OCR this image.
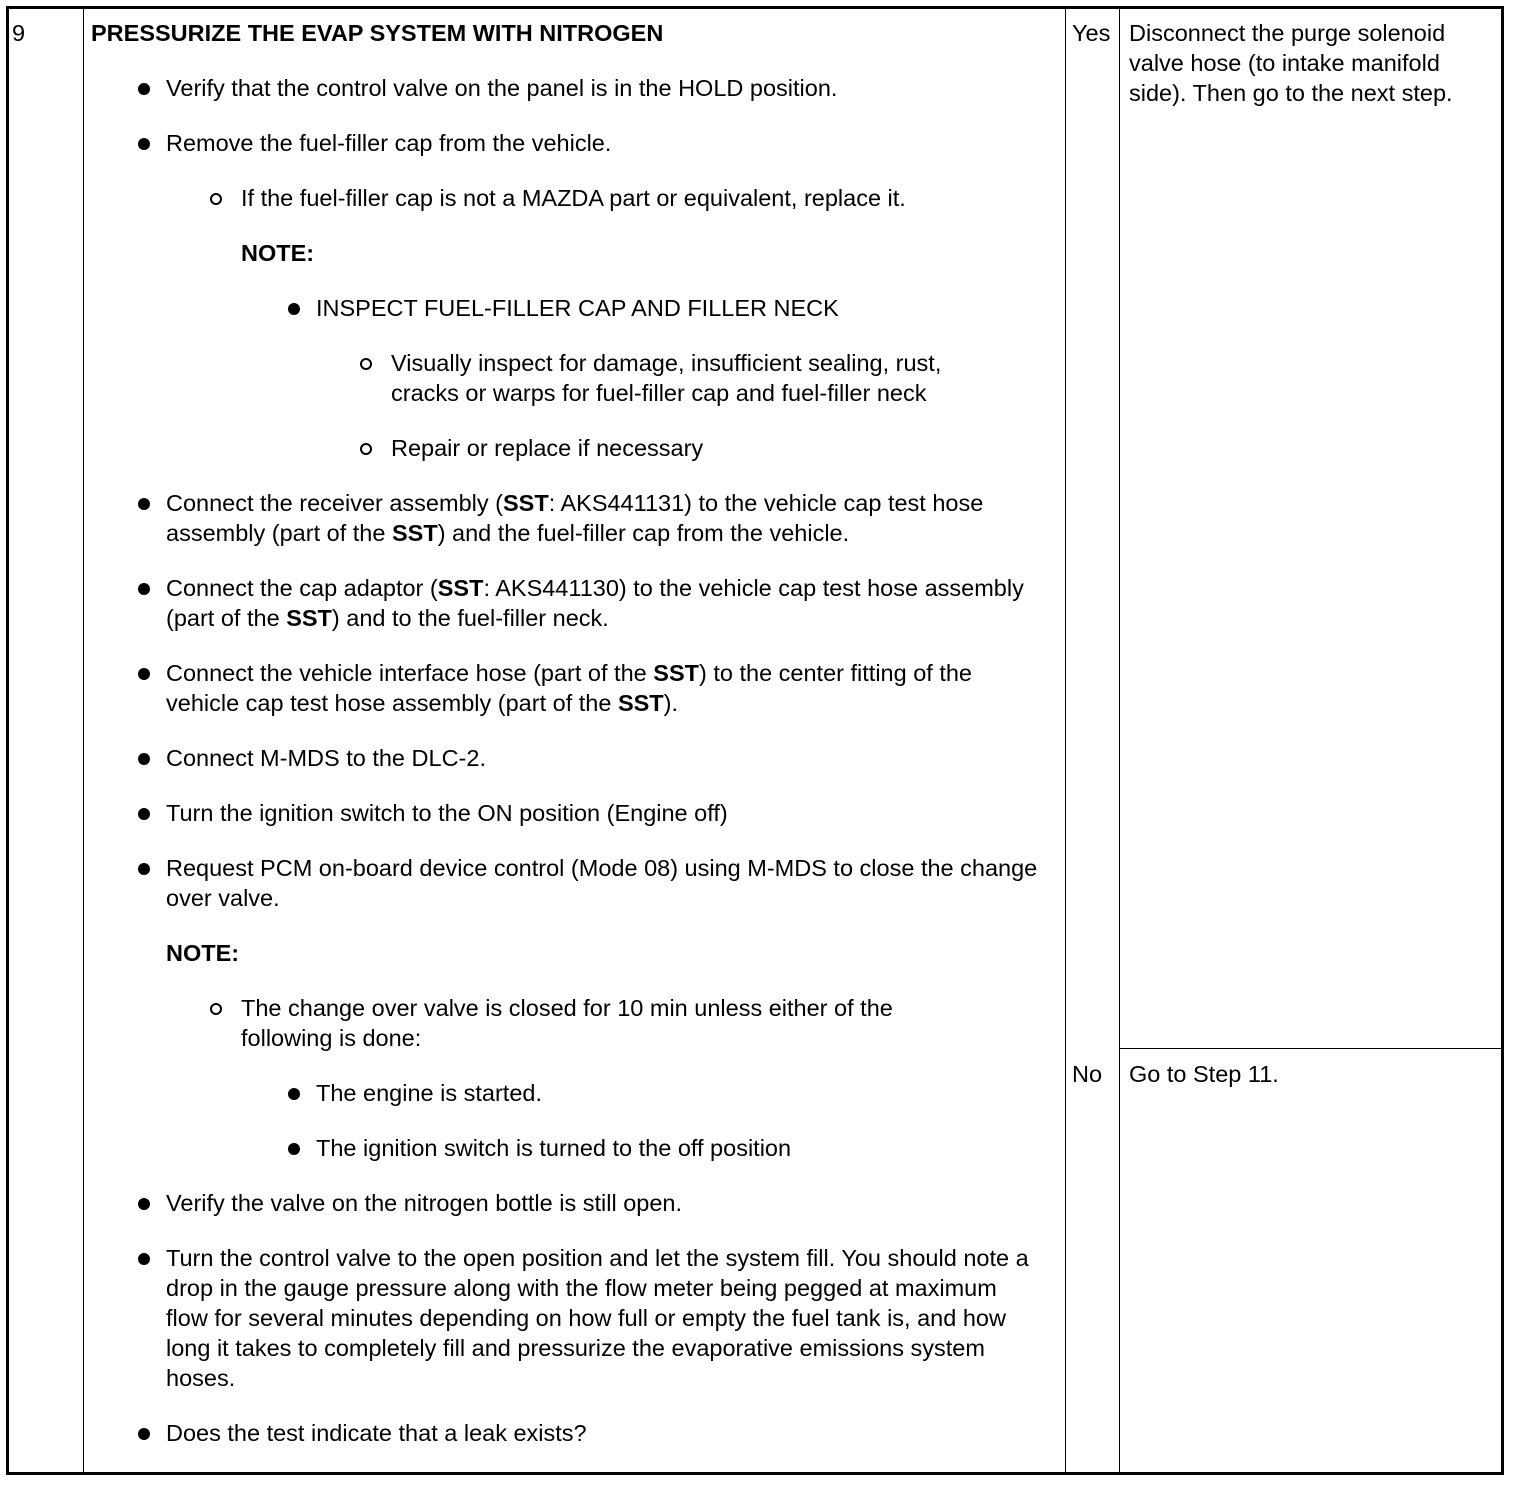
9	PRESSURIZE THE EVAP SYSTEM WITH NITROGEN
Verify that the control valve on the panel is in the HOLD position.
Remove the fuel-filler cap from the vehicle.
If the fuel-filler cap is not a MAZDA part or equivalent, replace it.
NOTE:
INSPECT FUEL-FILLER CAP AND FILLER NECK
Visually inspect for damage, insufficient sealing, rust, cracks or warps for fuel-filler cap and fuel-filler neck
Repair or replace if necessary
Connect the receiver assembly (SST: AKS441131) to the vehicle cap test hose assembly (part of the SST) and the fuel-filler cap from the vehicle.
Connect the cap adaptor (SST: AKS441130) to the vehicle cap test hose assembly (part of the SST) and to the fuel-filler neck.
Connect the vehicle interface hose (part of the SST) to the center fitting of the vehicle cap test hose assembly (part of the SST).
Connect M-MDS to the DLC-2.
Turn the ignition switch to the ON position (Engine off)
Request PCM on-board device control (Mode 08) using M-MDS to close the change over valve.
NOTE:
The change over valve is closed for 10 min unless either of the following is done:
The engine is started.
The ignition switch is turned to the off position
Verify the valve on the nitrogen bottle is still open.
Turn the control valve to the open position and let the system fill. You should note a drop in the gauge pressure along with the flow meter being pegged at maximum flow for several minutes depending on how full or empty the fuel tank is, and how long it takes to completely fill and pressurize the evaporative emissions system hoses.
Does the test indicate that a leak exists?
Yes Disconnect the purge solenoid valve hose (to intake manifold side). Then go to the next step.
No Go to Step 11.
